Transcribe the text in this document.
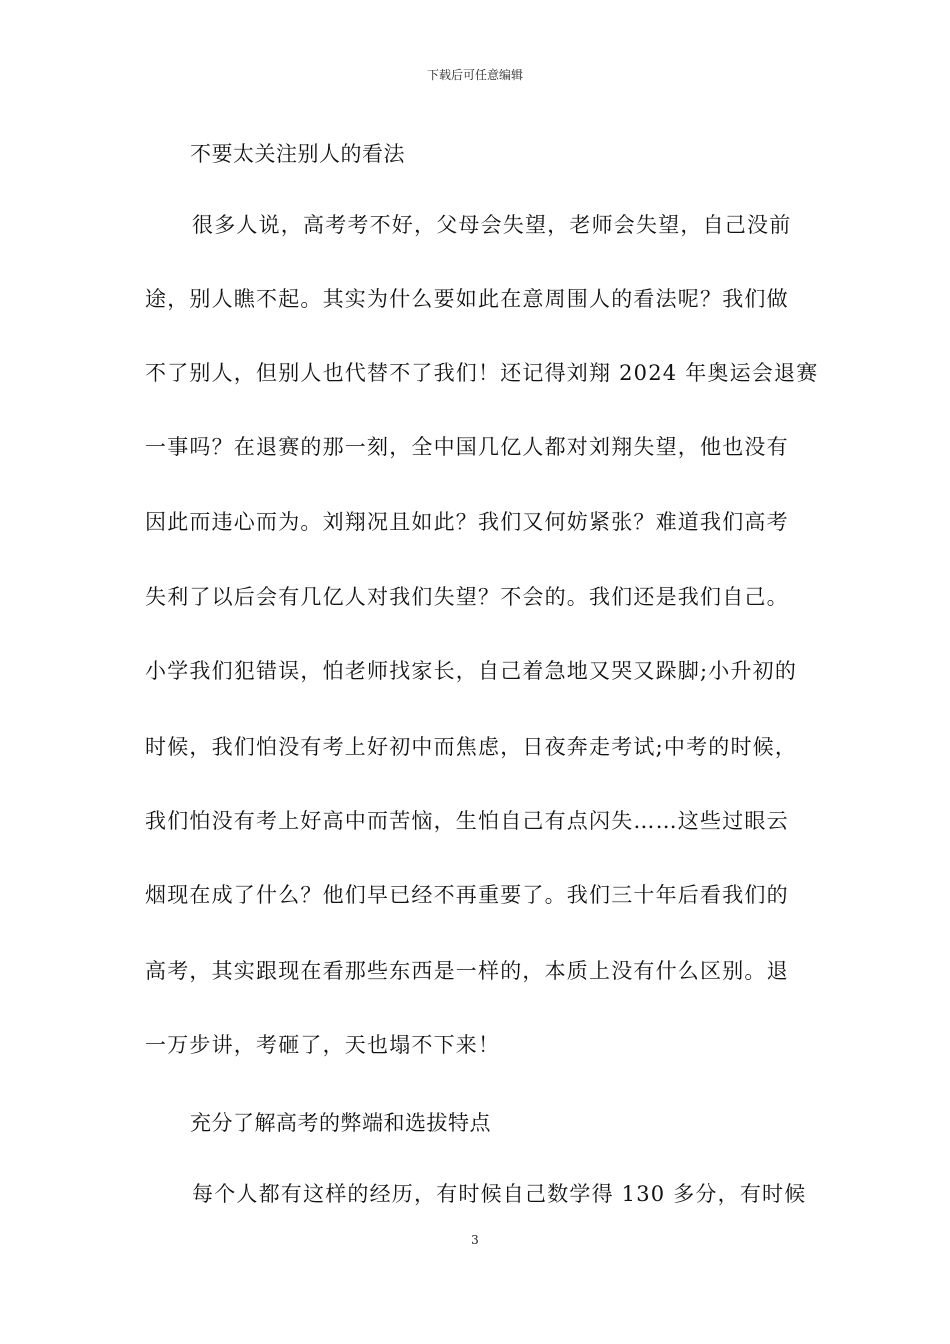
下载后可任意编辑
不要太关注别人的看法
很多人说，高考考不好，父母会失望，老师会失望，自己没前
途，别人瞧不起。其实为什么要如此在意周围人的看法呢？我们做
不了别人，但别人也代替不了我们！还记得刘翔 2024 年奥运会退赛
一事吗？在退赛的那一刻，全中国几亿人都对刘翔失望，他也没有
因此而违心而为。刘翔况且如此？我们又何妨紧张？难道我们高考
失利了以后会有几亿人对我们失望？不会的。我们还是我们自己。
小学我们犯错误，怕老师找家长，自己着急地又哭又跺脚;小升初的
时候，我们怕没有考上好初中而焦虑，日夜奔走考试;中考的时候，
我们怕没有考上好高中而苦恼，生怕自己有点闪失……这些过眼云
烟现在成了什么？他们早已经不再重要了。我们三十年后看我们的
高考，其实跟现在看那些东西是一样的，本质上没有什么区别。退
一万步讲，考砸了，天也塌不下来！
充分了解高考的弊端和选拔特点
每个人都有这样的经历，有时候自己数学得 130 多分，有时候
3
